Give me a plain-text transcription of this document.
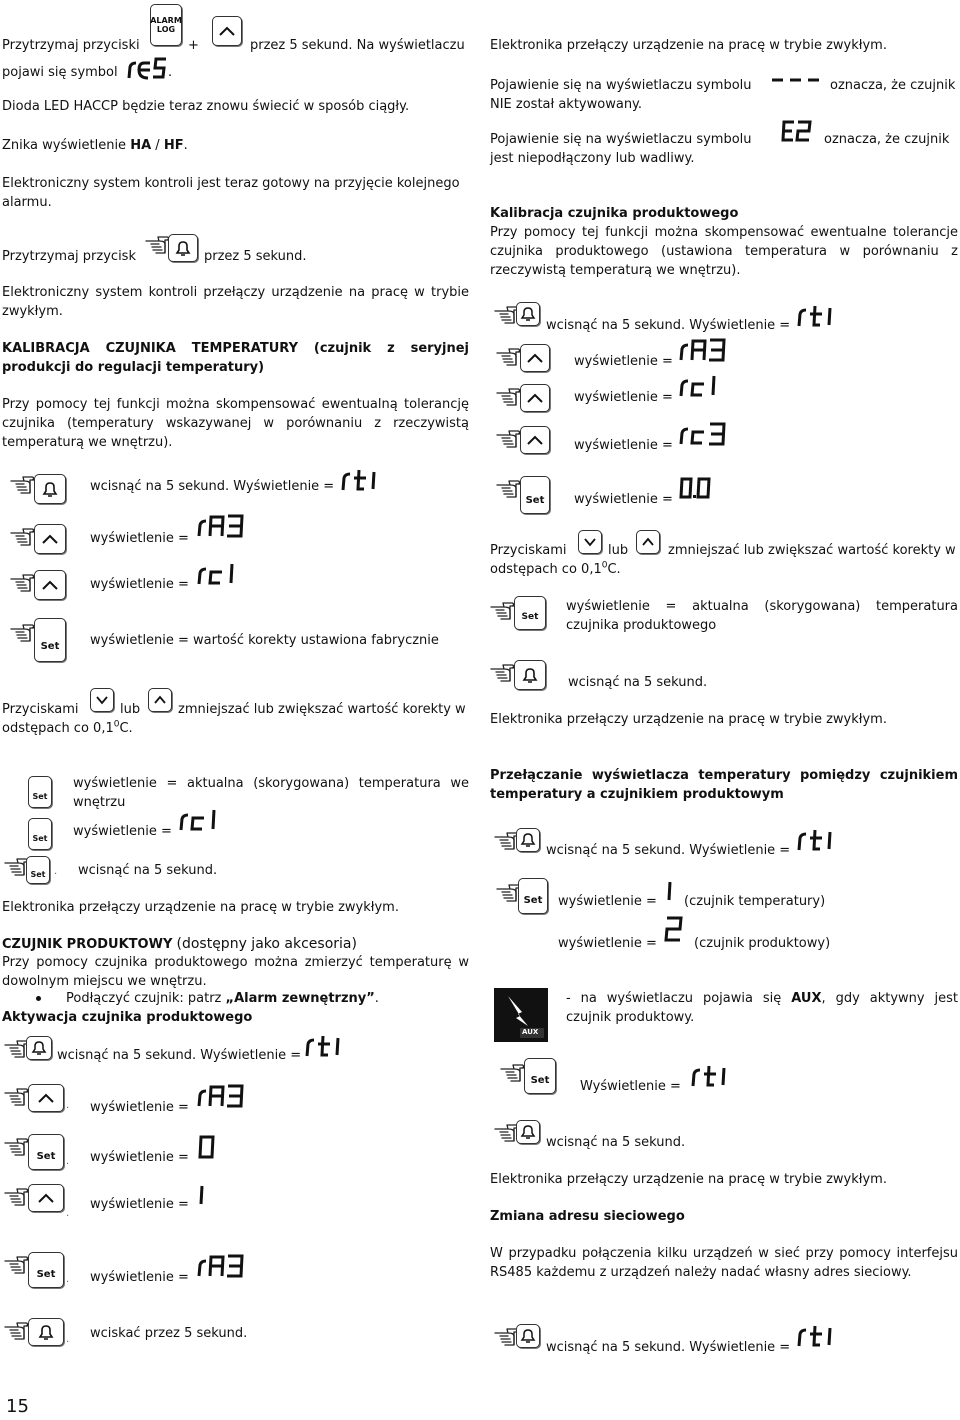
Przytrzymaj przyciski
ALARM
LOG
+	przez 5 sekund. Na wyświetlaczu
pojawi się symbol	.
Dioda LED HACCP będzie teraz znowu świecić w sposób ciągły.
Znika wyświetlenie HA / HF.
Elektroniczny system kontroli jest teraz gotowy na przyjęcie kolejnego alarmu.
Przytrzymaj przycisk	przez 5 sekund.
Elektroniczny system kontroli przełączy urządzenie na pracę w trybie zwykłym.
KALIBRACJA CZUJNIKA TEMPERATURY (czujnik z seryjnej produkcji do regulacji temperatury)
Przy pomocy tej funkcji można skompensować ewentualną tolerancję czujnika (temperatury wskazywanej w porównaniu z rzeczywistą temperaturą we wnętrzu).
wcisnąć na 5 sekund. Wyświetlenie =
wyświetlenie =
wyświetlenie =
Set wyświetlenie = wartość korekty ustawiona fabrycznie
Przyciskami	lub	zmniejszać lub zwiększać wartość korekty w
odstępach co $0,1^0C$.
Set
wyświetlenie = aktualna (skorygowana) temperatura we wnętrzu
Set wyświetlenie =
Set . wcisnąć na 5 sekund.
Elektronika przełączy urządzenie na pracę w trybie zwykłym.
CZUJNIK PRODUKTOWY (dostępny jako akcesoria)
Przy pomocy czujnika produktowego można zmierzyć temperaturę w dowolnym miejscu we wnętrzu.
Podłączyć czujnik: patrz „Alarm zewnętrzny”.
Aktywacja czujnika produktowego
wcisnąć na 5 sekund. Wyświetlenie =
. wyświetlenie =
Set . wyświetlenie =
.
wyświetlenie =
Set . wyświetlenie =
. wciskać przez 5 sekund.
15
Elektronika przełączy urządzenie na pracę w trybie zwykłym.
Pojawienie się na wyświetlaczu symbolu	oznacza, że czujnik
NIE został aktywowany.
Pojawienie się na wyświetlaczu symbolu	oznacza, że czujnik
jest niepodłączony lub wadliwy.
Kalibracja czujnika produktowego
Przy pomocy tej funkcji można skompensować ewentualne tolerancje czujnika produktowego (ustawiona temperatura w porównaniu z rzeczywistą temperaturą we wnętrzu).
wcisnąć na 5 sekund. Wyświetlenie =
wyświetlenie =
wyświetlenie =
wyświetlenie =
Set wyświetlenie =
Przyciskami	lub	zmniejszać lub zwiększać wartość korekty w
odstępach co $0,1^0C$.
Set
wyświetlenie = aktualna (skorygowana) temperatura czujnika produktowego
wcisnąć na 5 sekund.
Elektronika przełączy urządzenie na pracę w trybie zwykłym.
Przełączanie wyświetlacza temperatury pomiędzy czujnikiem temperatury a czujnikiem produktowym
wcisnąć na 5 sekund. Wyświetlenie =
Set wyświetlenie = (czujnik temperatury)
wyświetlenie =	(czujnik produktowy)
AUX
- na wyświetlaczu pojawia się AUX, gdy aktywny jest czujnik produktowy.
Set Wyświetlenie =
wcisnąć na 5 sekund.
Elektronika przełączy urządzenie na pracę w trybie zwykłym.
Zmiana adresu sieciowego
W przypadku połączenia kilku urządzeń w sieć przy pomocy interfejsu RS485 każdemu z urządzeń należy nadać własny adres sieciowy.
wcisnąć na 5 sekund. Wyświetlenie =
